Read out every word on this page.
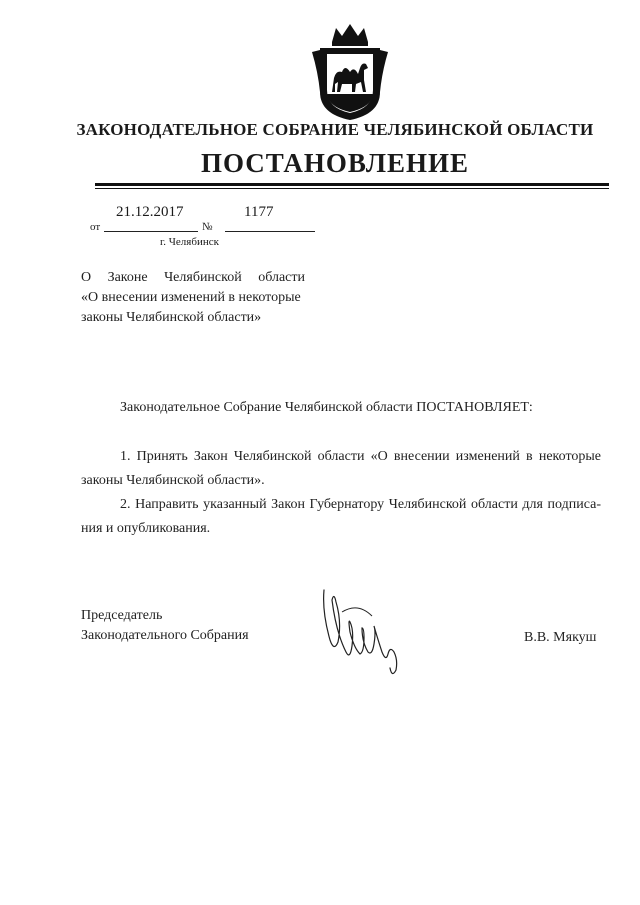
ЗАКОНОДАТЕЛЬНОЕ СОБРАНИЕ ЧЕЛЯБИНСКОЙ ОБЛАСТИ
ПОСТАНОВЛЕНИЕ
21.12.2017	1177
от	№
г. Челябинск
О Законе Челябинской области
«О внесении изменений в некоторые
законы Челябинской области»
Законодательное Собрание Челябинской области ПОСТАНОВЛЯЕТ:
1. Принять Закон Челябинской области «О внесении изменений в некоторые
законы Челябинской области».
2. Направить указанный Закон Губернатору Челябинской области для подписа-
ния и опубликования.
Председатель
Законодательного Собрания	В.В. Мякуш
